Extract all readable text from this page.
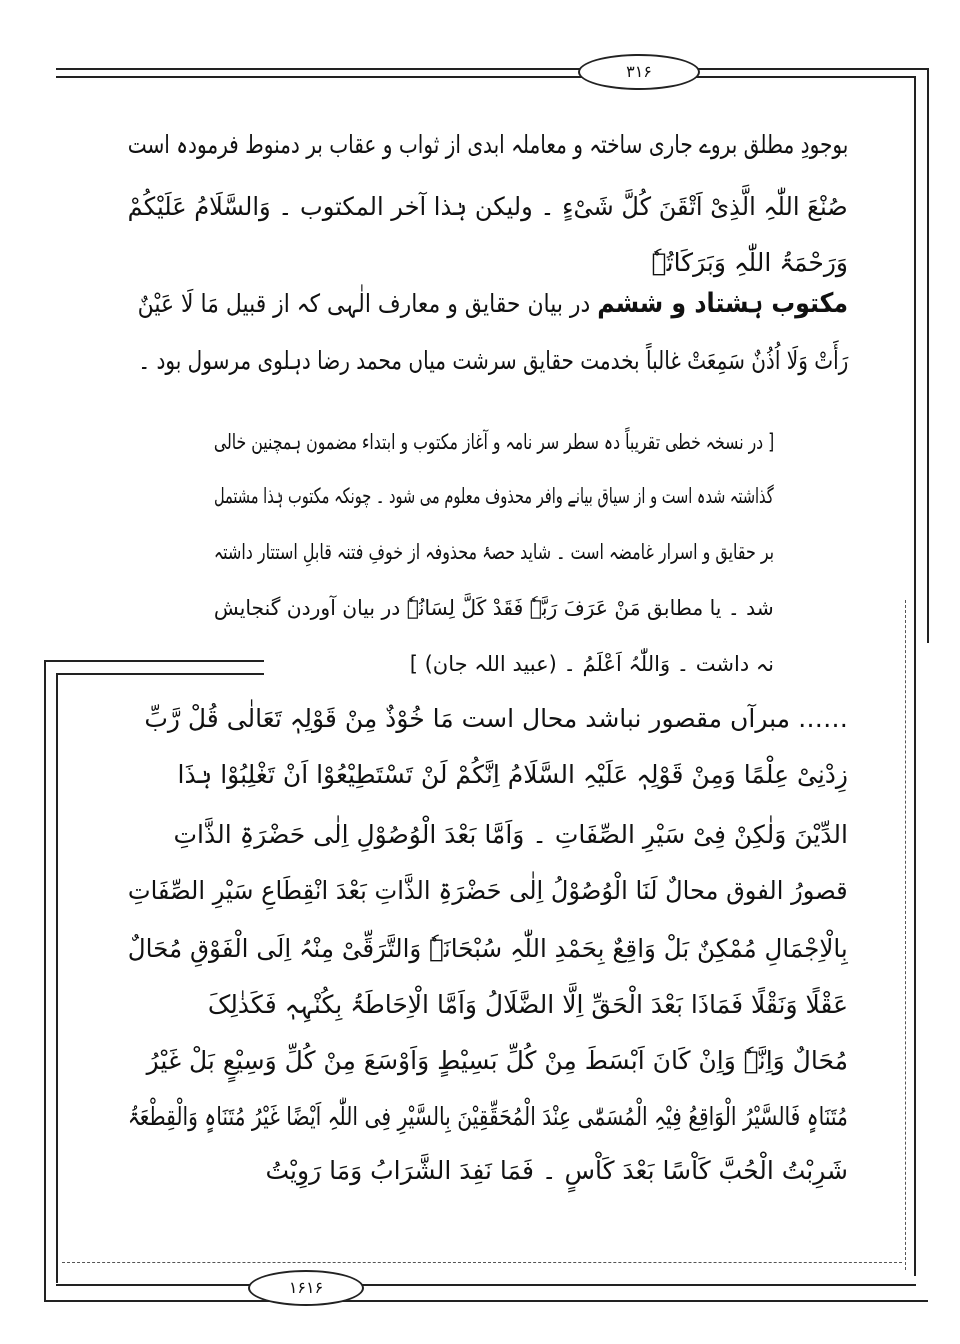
۳۱۶
بوجودِ مطلق بروے جاری ساختہ و معاملہ ابدی از ثواب و عقاب بر دمنوط فرمودہ است
صُنْعَ اللّٰہِ الَّذِیْ اَتْقَنَ کُلَّ شَیْءٍ ۔ ولیکن ہٰذا آخر المکتوب ۔ وَالسَّلَامُ عَلَیْکُمْ
وَرَحْمَۃُ اللّٰہِ وَبَرَکَاتُہٗ
مکتوب ہشتاد و ششم در بیان حقایق و معارف الٰہی کہ از قبیل مَا لَا عَیْنٌ
رَأَتْ وَلَا اُذُنٌ سَمِعَتْ غالباً بخدمت حقایق سرشت میاں محمد رضا دہلوی مرسول بود ۔
[ در نسخہ خطی تقریباً دہ سطر سر نامہ و آغاز مکتوب و ابتداء مضمون ہمچنین خالی
گذاشتہ شدہ است و از سیاق بیانے وافر محذوف معلوم می شود ۔ چونکہ مکتوب ہٰذا مشتمل
بر حقایق و اسرار غامضہ است ۔ شاید حصۂ محذوفہ از خوفِ فتنہ قابلِ استتار داشتہ
شد ۔ یا مطابق مَنْ عَرَفَ رَبَّہٗ فَقَدْ کَلَّ لِسَانُہٗ در بیان آوردن گنجایش
نہ داشت ۔ وَاللّٰہُ اَعْلَمُ ۔ (عبید اللہ جان) ]
…… مبرآں مقصور نباشد محال است مَا خُوْذٌ مِنْ قَوْلِہٖ تَعَالٰی قُلْ رَّبِّ
زِدْنِیْ عِلْمًا وَمِنْ قَوْلِہٖ عَلَیْہِ السَّلَامُ اِنَّکُمْ لَنْ تَسْتَطِیْعُوْا اَنْ تَغْلِبُوْا ہٰذَا
الدِّیْنَ وَلٰکِنْ فِیْ سَیْرِ الصِّفَاتِ ۔ وَاَمَّا بَعْدَ الْوُصُوْلِ اِلٰی حَضْرَۃِ الذَّاتِ
قصورُ الفوق محالٌ لَنَا الْوُصُوْلُ اِلٰی حَضْرَۃِ الذَّاتِ بَعْدَ انْقِطَاعِ سَیْرِ الصِّفَاتِ
بِالْاِجْمَالِ مُمْکِنٌ بَلْ وَاقِعٌ بِحَمْدِ اللّٰہِ سُبْحَانَہٗ وَالتَّرَقِّیْ مِنْہُ اِلَی الْفَوْقِ مُحَالٌ
عَقْلًا وَنَقْلًا فَمَاذَا بَعْدَ الْحَقِّ اِلَّا الضَّلَالُ وَاَمَّا الْاِحَاطَۃُ بِکُنْہِہٖ فَکَذٰلِکَ
مُحَالٌ وَاِنَّہٗ وَاِنْ کَانَ اَبْسَطَ مِنْ کُلِّ بَسِیْطٍ وَاَوْسَعَ مِنْ کُلِّ وَسِیْعٍ بَلْ غَیْرُ
مُتَنَاہٍ فَالسَّیْرُ الْوَاقِعُ فِیْہِ الْمُسَمّٰی عِنْدَ الْمُحَقِّقِیْنَ بِالسَّیْرِ فِی اللّٰہِ اَیْضًا غَیْرُ مُتَنَاہٍ وَالْقِطْعَۃُ
شَرِبْتُ الْحُبَّ کَاْسًا بَعْدَ کَاْسٍ ۔ فَمَا نَفِدَ الشَّرَابُ وَمَا رَوِیْتُ
۱۶۱۶
